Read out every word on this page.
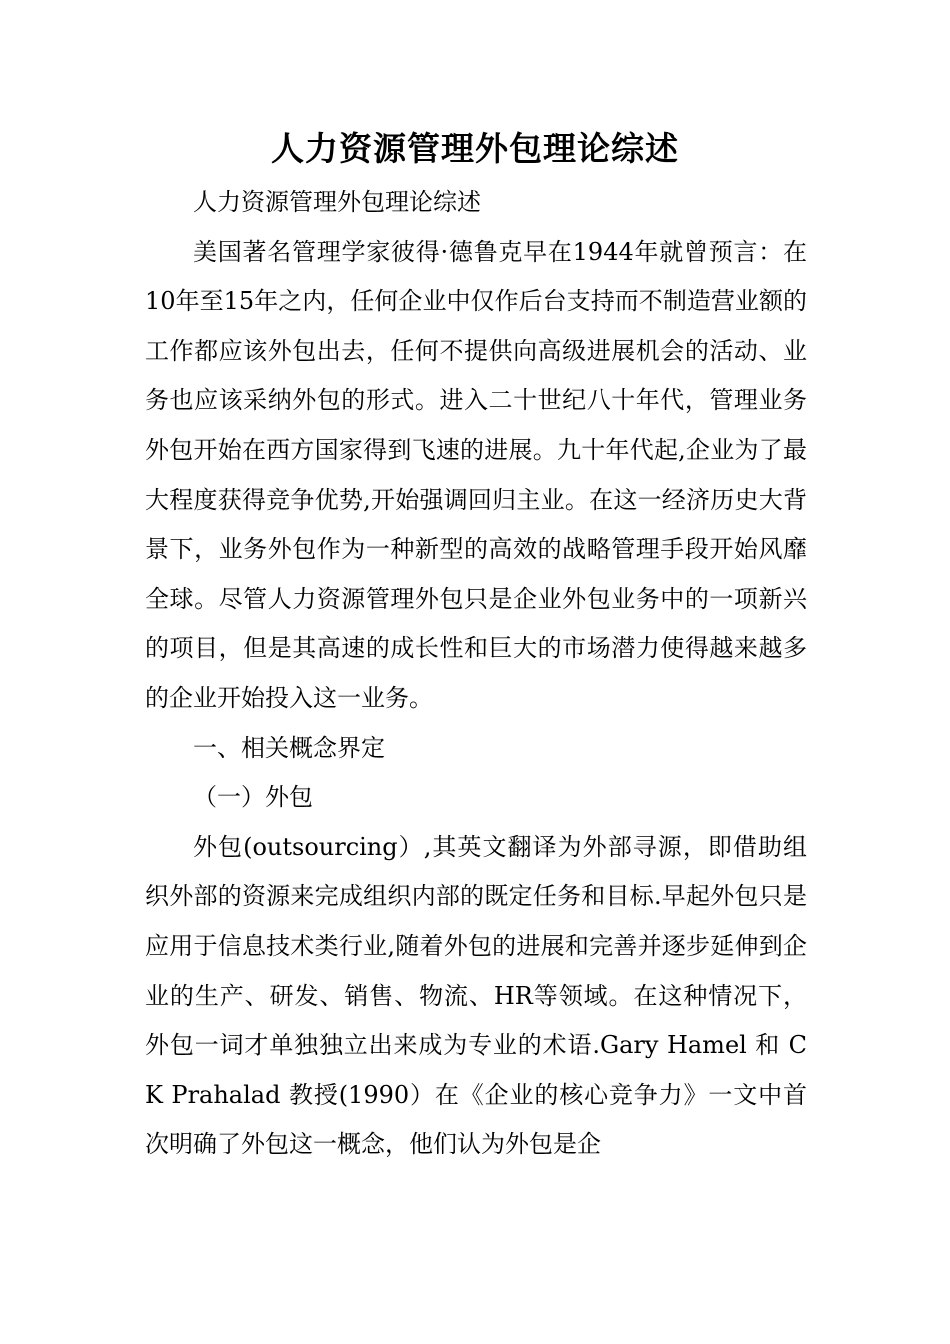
人力资源管理外包理论综述

人力资源管理外包理论综述

美国著名管理学家彼得·德鲁克早在1944年就曾预言：在10年至15年之内，任何企业中仅作后台支持而不制造营业额的工作都应该外包出去，任何不提供向高级进展机会的活动、业务也应该采纳外包的形式。进入二十世纪八十年代，管理业务外包开始在西方国家得到飞速的进展。九十年代起,企业为了最大程度获得竞争优势,开始强调回归主业。在这一经济历史大背景下，业务外包作为一种新型的高效的战略管理手段开始风靡全球。尽管人力资源管理外包只是企业外包业务中的一项新兴的项目，但是其高速的成长性和巨大的市场潜力使得越来越多的企业开始投入这一业务。

一、相关概念界定

（一）外包

外包(outsourcing）,其英文翻译为外部寻源，即借助组织外部的资源来完成组织内部的既定任务和目标.早起外包只是应用于信息技术类行业,随着外包的进展和完善并逐步延伸到企业的生产、研发、销售、物流、HR等领域。在这种情况下，外包一词才单独独立出来成为专业的术语.Gary Hamel 和 C K Prahalad 教授(1990）在《企业的核心竞争力》一文中首次明确了外包这一概念，他们认为外包是企
